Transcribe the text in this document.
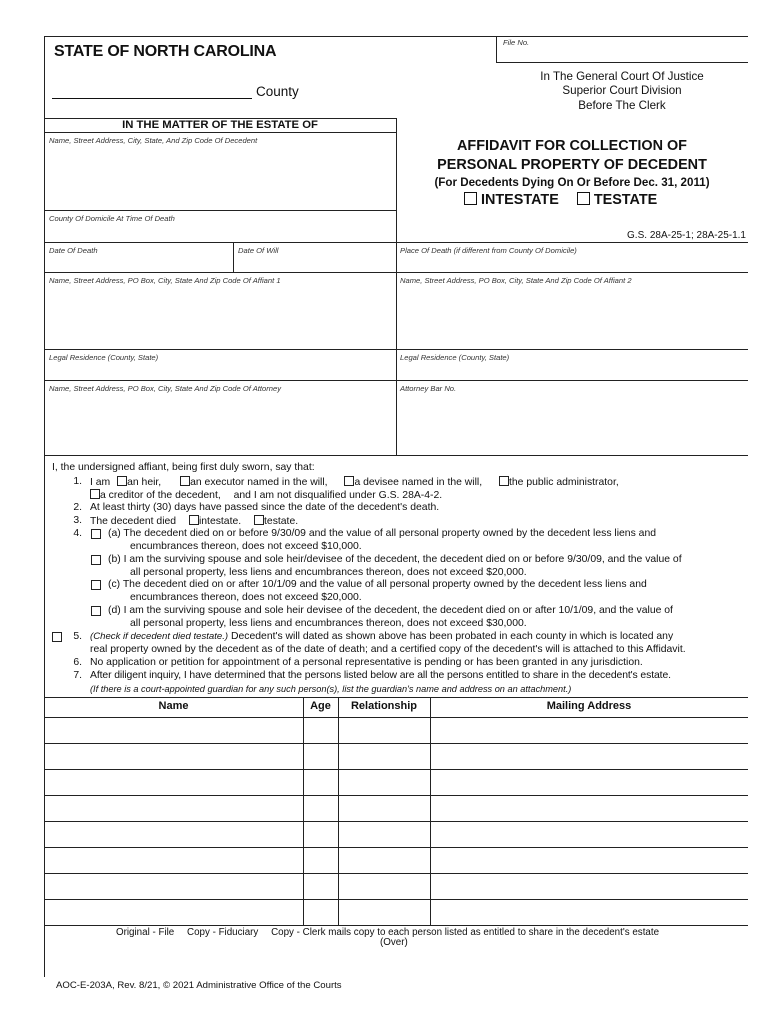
File No.
STATE OF NORTH CAROLINA
County
In The General Court Of Justice
Superior Court Division
Before The Clerk
IN THE MATTER OF THE ESTATE OF
Name, Street Address, City, State, And Zip Code Of Decedent
County Of Domicile At Time Of Death
Date Of Death	Date Of Will	Place Of Death (if different from County Of Domicile)
AFFIDAVIT FOR COLLECTION OF
PERSONAL PROPERTY OF DECEDENT
(For Decedents Dying On Or Before Dec. 31, 2011)
INTESTATE TESTATE
G.S. 28A-25-1; 28A-25-1.1
Name, Street Address, PO Box, City, State And Zip Code Of Affiant 1	Name, Street Address, PO Box, City, State And Zip Code Of Affiant 2
Legal Residence (County, State)	Legal Residence (County, State)
Name, Street Address, PO Box, City, State And Zip Code Of Attorney	Attorney Bar No.
I, the undersigned affiant, being first duly sworn, say that:
1. I am an heir,	an executor named in the will,	a devisee named in the will,	the public administrator,
a creditor of the decedent, and I am not disqualified under G.S. 28A-4-2.
2. At least thirty (30) days have passed since the date of the decedent's death.
3. The decedent died intestate. testate.
4.	(a) The decedent died on or before 9/30/09 and the value of all personal property owned by the decedent less liens and
encumbrances thereon, does not exceed $10,000.
(b) I am the surviving spouse and sole heir/devisee of the decedent, the decedent died on or before 9/30/09, and the value of
all personal property, less liens and encumbrances thereon, does not exceed $20,000.
(c) The decedent died on or after 10/1/09 and the value of all personal property owned by the decedent less liens and
encumbrances thereon, does not exceed $20,000.
(d) I am the surviving spouse and sole heir devisee of the decedent, the decedent died on or after 10/1/09, and the value of
all personal property, less liens and encumbrances thereon, does not exceed $30,000.
5. (Check if decedent died testate.) Decedent's will dated as shown above has been probated in each county in which is located any
real property owned by the decedent as of the date of death; and a certified copy of the decedent's will is attached to this Affidavit.
6. No application or petition for appointment of a personal representative is pending or has been granted in any jurisdiction.
7. After diligent inquiry, I have determined that the persons listed below are all the persons entitled to share in the decedent's estate.
(If there is a court-appointed guardian for any such person(s), list the guardian's name and address on an attachment.)
Name	Age	Relationship	Mailing Address
Original - File Copy - Fiduciary Copy - Clerk mails copy to each person listed as entitled to share in the decedent's estate
(Over)
AOC-E-203A, Rev. 8/21, © 2021 Administrative Office of the Courts
